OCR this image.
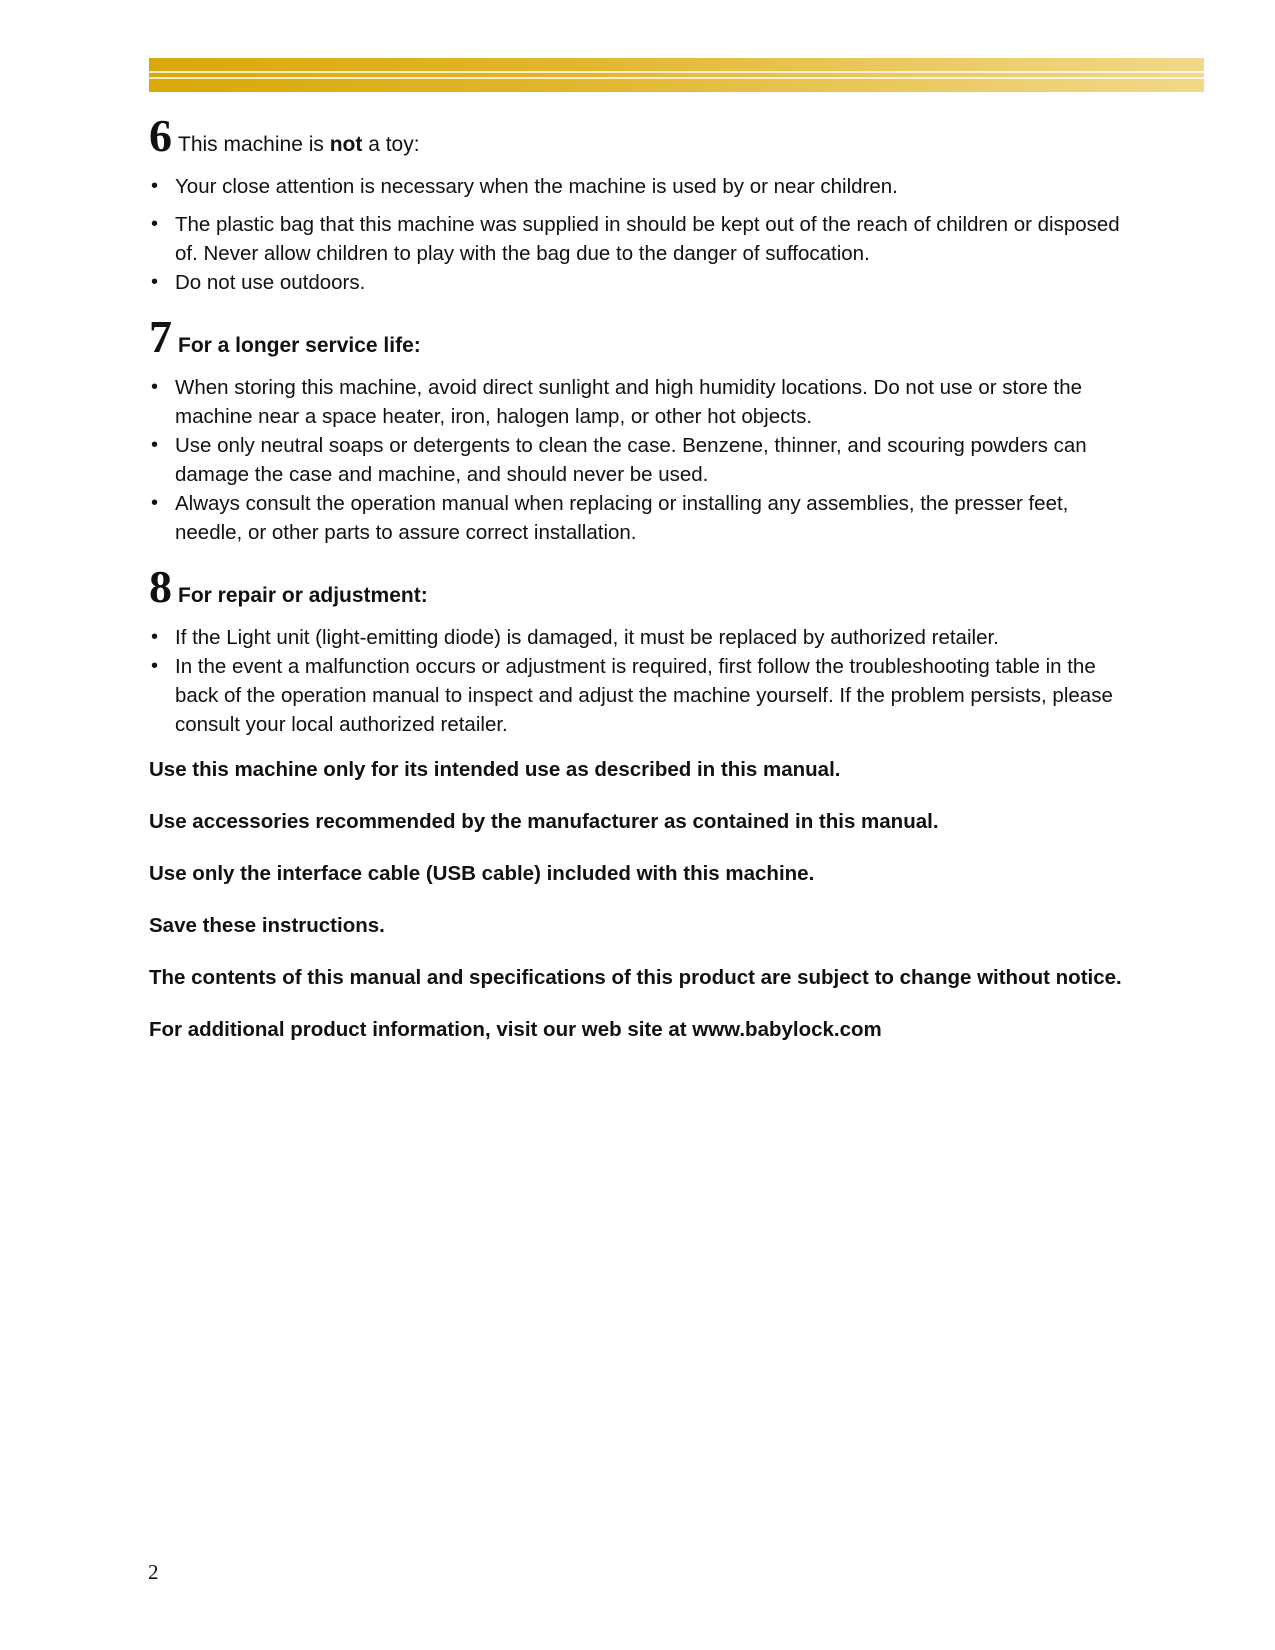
6 This machine is not a toy:
• Your close attention is necessary when the machine is used by or near children.
• The plastic bag that this machine was supplied in should be kept out of the reach of children or disposed of. Never allow children to play with the bag due to the danger of suffocation.
• Do not use outdoors.
7 For a longer service life:
• When storing this machine, avoid direct sunlight and high humidity locations. Do not use or store the machine near a space heater, iron, halogen lamp, or other hot objects.
• Use only neutral soaps or detergents to clean the case. Benzene, thinner, and scouring powders can damage the case and machine, and should never be used.
• Always consult the operation manual when replacing or installing any assemblies, the presser feet, needle, or other parts to assure correct installation.
8 For repair or adjustment:
• If the Light unit (light-emitting diode) is damaged, it must be replaced by authorized retailer.
• In the event a malfunction occurs or adjustment is required, first follow the troubleshooting table in the back of the operation manual to inspect and adjust the machine yourself. If the problem persists, please consult your local authorized retailer.

Use this machine only for its intended use as described in this manual.

Use accessories recommended by the manufacturer as contained in this manual.

Use only the interface cable (USB cable) included with this machine.

Save these instructions.

The contents of this manual and specifications of this product are subject to change without notice.

For additional product information, visit our web site at www.babylock.com

2
